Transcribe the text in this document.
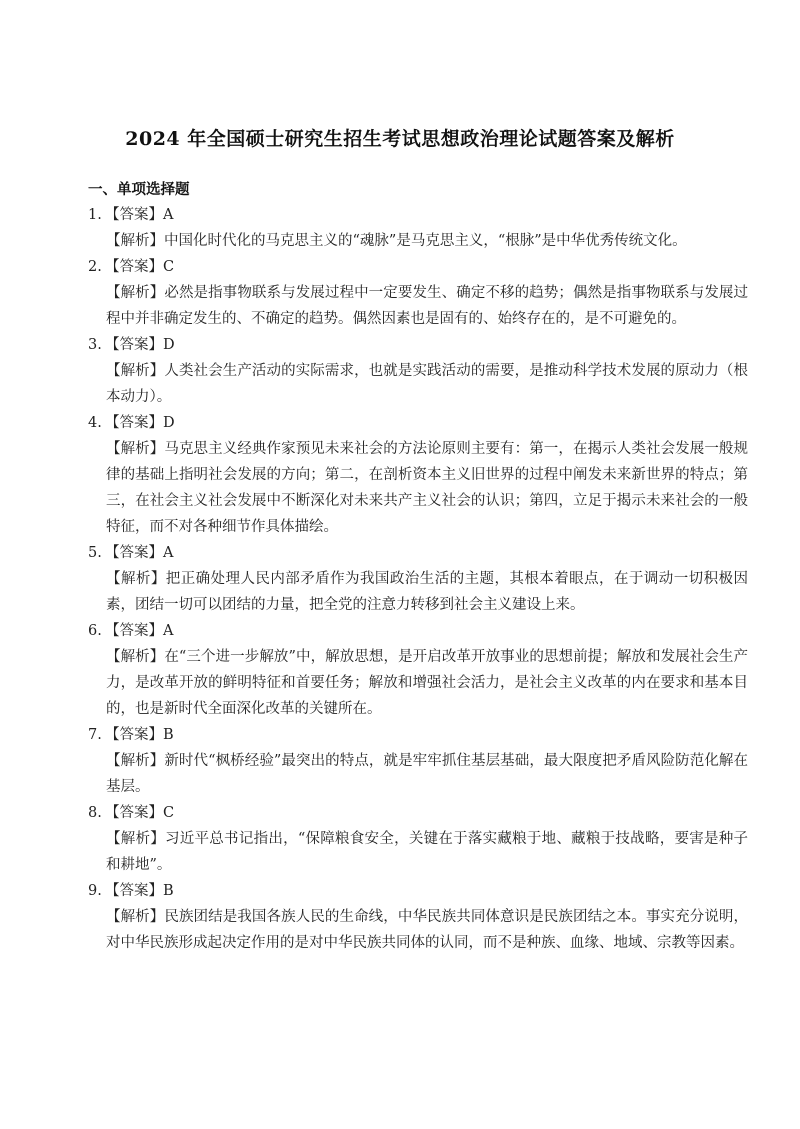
2024 年全国硕士研究生招生考试思想政治理论试题答案及解析
一、单项选择题
1. 【答案】A

【解析】中国化时代化的马克思主义的“魂脉”是马克思主义，“根脉”是中华优秀传统文化。

2. 【答案】C

【解析】必然是指事物联系与发展过程中一定要发生、确定不移的趋势；偶然是指事物联系与发展过程中并非确定发生的、不确定的趋势。偶然因素也是固有的、始终存在的，是不可避免的。

3. 【答案】D

【解析】人类社会生产活动的实际需求，也就是实践活动的需要，是推动科学技术发展的原动力（根本动力）。

4. 【答案】D

【解析】马克思主义经典作家预见未来社会的方法论原则主要有：第一，在揭示人类社会发展一般规律的基础上指明社会发展的方向；第二，在剖析资本主义旧世界的过程中阐发未来新世界的特点；第三，在社会主义社会发展中不断深化对未来共产主义社会的认识；第四，立足于揭示未来社会的一般特征，而不对各种细节作具体描绘。

5. 【答案】A

【解析】把正确处理人民内部矛盾作为我国政治生活的主题，其根本着眼点，在于调动一切积极因素，团结一切可以团结的力量，把全党的注意力转移到社会主义建设上来。

6. 【答案】A

【解析】在“三个进一步解放”中，解放思想，是开启改革开放事业的思想前提；解放和发展社会生产力，是改革开放的鲜明特征和首要任务；解放和增强社会活力，是社会主义改革的内在要求和基本目的，也是新时代全面深化改革的关键所在。

7. 【答案】B

【解析】新时代“枫桥经验”最突出的特点，就是牢牢抓住基层基础，最大限度把矛盾风险防范化解在基层。

8. 【答案】C

【解析】习近平总书记指出，“保障粮食安全，关键在于落实藏粮于地、藏粮于技战略，要害是种子和耕地”。

9. 【答案】B

【解析】民族团结是我国各族人民的生命线，中华民族共同体意识是民族团结之本。事实充分说明，对中华民族形成起决定作用的是对中华民族共同体的认同，而不是种族、血缘、地域、宗教等因素。
